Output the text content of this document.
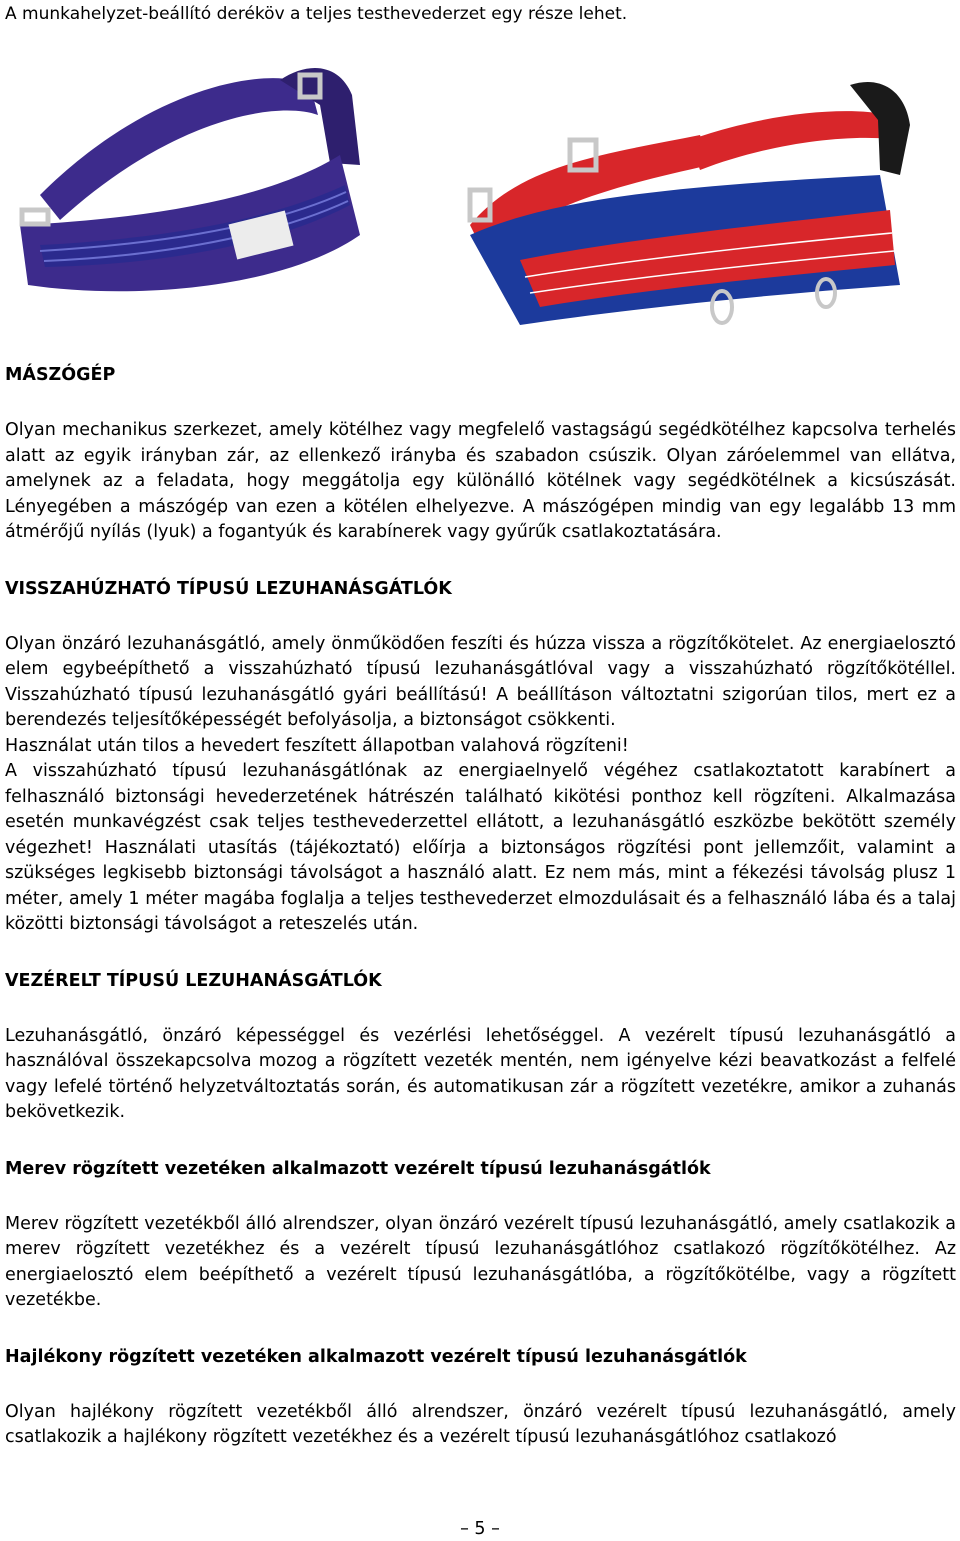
A munkahelyzet-beállító deréköv a teljes testhevederzet egy része lehet.
MÁSZÓGÉP

Olyan mechanikus szerkezet, amely kötélhez vagy megfelelő vastagságú segédkötélhez kapcsolva terhelés alatt az egyik irányban zár, az ellenkező irányba és szabadon csúszik. Olyan záróelemmel van ellátva, amelynek az a feladata, hogy meggátolja egy különálló kötélnek vagy segédkötélnek a kicsúszását. Lényegében a mászógép van ezen a kötélen elhelyezve. A mászógépen mindig van egy legalább 13 mm átmérőjű nyílás (lyuk) a fogantyúk és karabínerek vagy gyűrűk csatlakoztatására.

VISSZAHÚZHATÓ TÍPUSÚ LEZUHANÁSGÁTLÓK

Olyan önzáró lezuhanásgátló, amely önműködően feszíti és húzza vissza a rögzítőkötelet. Az energiaelosztó elem egybeépíthető a visszahúzható típusú lezuhanásgátlóval vagy a visszahúzható rögzítőkötéllel. Visszahúzható típusú lezuhanásgátló gyári beállítású! A beállításon változtatni szigorúan tilos, mert ez a berendezés teljesítőképességét befolyásolja, a biztonságot csökkenti.

Használat után tilos a hevedert feszített állapotban valahová rögzíteni!

A visszahúzható típusú lezuhanásgátlónak az energiaelnyelő végéhez csatlakoztatott karabínert a felhasználó biztonsági hevederzetének hátrészén található kikötési ponthoz kell rögzíteni. Alkalmazása esetén munkavégzést csak teljes testhevederzettel ellátott, a lezuhanásgátló eszközbe bekötött személy végezhet! Használati utasítás (tájékoztató) előírja a biztonságos rögzítési pont jellemzőit, valamint a szükséges legkisebb biztonsági távolságot a használó alatt. Ez nem más, mint a fékezési távolság plusz 1 méter, amely 1 méter magába foglalja a teljes testhevederzet elmozdulásait és a felhasználó lába és a talaj közötti biztonsági távolságot a reteszelés után.

VEZÉRELT TÍPUSÚ LEZUHANÁSGÁTLÓK

Lezuhanásgátló, önzáró képességgel és vezérlési lehetőséggel. A vezérelt típusú lezuhanásgátló a használóval összekapcsolva mozog a rögzített vezeték mentén, nem igényelve kézi beavatkozást a felfelé vagy lefelé történő helyzetváltoztatás során, és automatikusan zár a rögzített vezetékre, amikor a zuhanás bekövetkezik.

Merev rögzített vezetéken alkalmazott vezérelt típusú lezuhanásgátlók

Merev rögzített vezetékből álló alrendszer, olyan önzáró vezérelt típusú lezuhanásgátló, amely csatlakozik a merev rögzített vezetékhez és a vezérelt típusú lezuhanásgátlóhoz csatlakozó rögzítőkötélhez. Az energiaelosztó elem beépíthető a vezérelt típusú lezuhanásgátlóba, a rögzítőkötélbe, vagy a rögzített vezetékbe.

Hajlékony rögzített vezetéken alkalmazott vezérelt típusú lezuhanásgátlók

Olyan hajlékony rögzített vezetékből álló alrendszer, önzáró vezérelt típusú lezuhanásgátló, amely csatlakozik a hajlékony rögzített vezetékhez és a vezérelt típusú lezuhanásgátlóhoz csatlakozó

– 5 –
